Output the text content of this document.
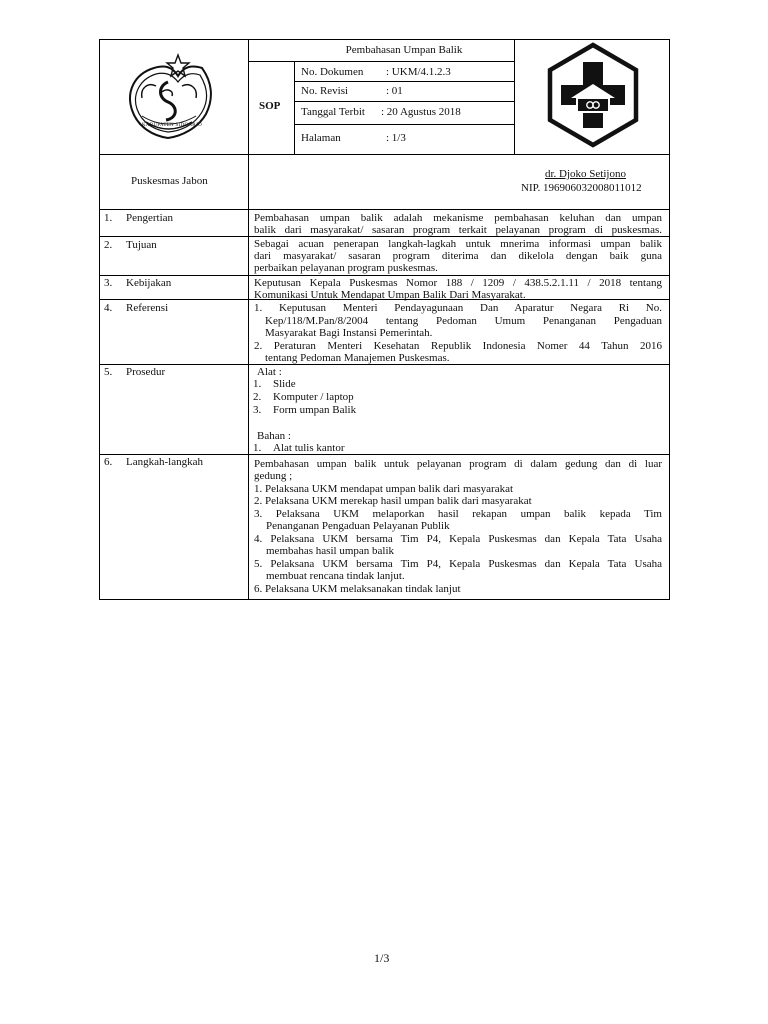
KABUPATEN SIDOARJO
Pembahasan Umpan Balik
SOP
No. Dokumen : UKM/4.1.2.3
No. Revisi	: 01
Tanggal Terbit : 20 Agustus 2018
Halaman	: 1/3
Puskesmas Jabon
dr. Djoko Setijono
NIP. 196906032008011012
1. Pengertian
2. Tujuan
3. Kebijakan
4. Referensi
5. Prosedur
6. Langkah-langkah
Pembahasan umpan balik adalah mekanisme pembahasan keluhan dan umpan
balik dari masyarakat/ sasaran program terkait pelayanan program di puskesmas.
Sebagai acuan penerapan langkah-lagkah untuk mnerima informasi umpan balik
dari masyarakat/ sasaran program diterima dan dikelola dengan baik guna
perbaikan pelayanan program puskesmas.
Keputusan Kepala Puskesmas Nomor 188 / 1209 / 438.5.2.1.11 / 2018 tentang
Komunikasi Untuk Mendapat Umpan Balik Dari Masyarakat.
1. Keputusan Menteri Pendayagunaan Dan Aparatur Negara Ri No.
Kep/118/M.Pan/8/2004 tentang Pedoman Umum Penanganan Pengaduan
Masyarakat Bagi Instansi Pemerintah.
2. Peraturan Menteri Kesehatan Republik Indonesia Nomer 44 Tahun 2016
tentang Pedoman Manajemen Puskesmas.
Alat :
1. Slide
2. Komputer / laptop
3. Form umpan Balik
Bahan :
1. Alat tulis kantor
Pembahasan umpan balik untuk pelayanan program di dalam gedung dan di luar
gedung ;
1. Pelaksana UKM mendapat umpan balik dari masyarakat
2. Pelaksana UKM merekap hasil umpan balik dari masyarakat
3. Pelaksana UKM melaporkan hasil rekapan umpan balik kepada Tim
Penanganan Pengaduan Pelayanan Publik
4. Pelaksana UKM bersama Tim P4, Kepala Puskesmas dan Kepala Tata Usaha
membahas hasil umpan balik
5. Pelaksana UKM bersama Tim P4, Kepala Puskesmas dan Kepala Tata Usaha
membuat rencana tindak lanjut.
6. Pelaksana UKM melaksanakan tindak lanjut
1/3
